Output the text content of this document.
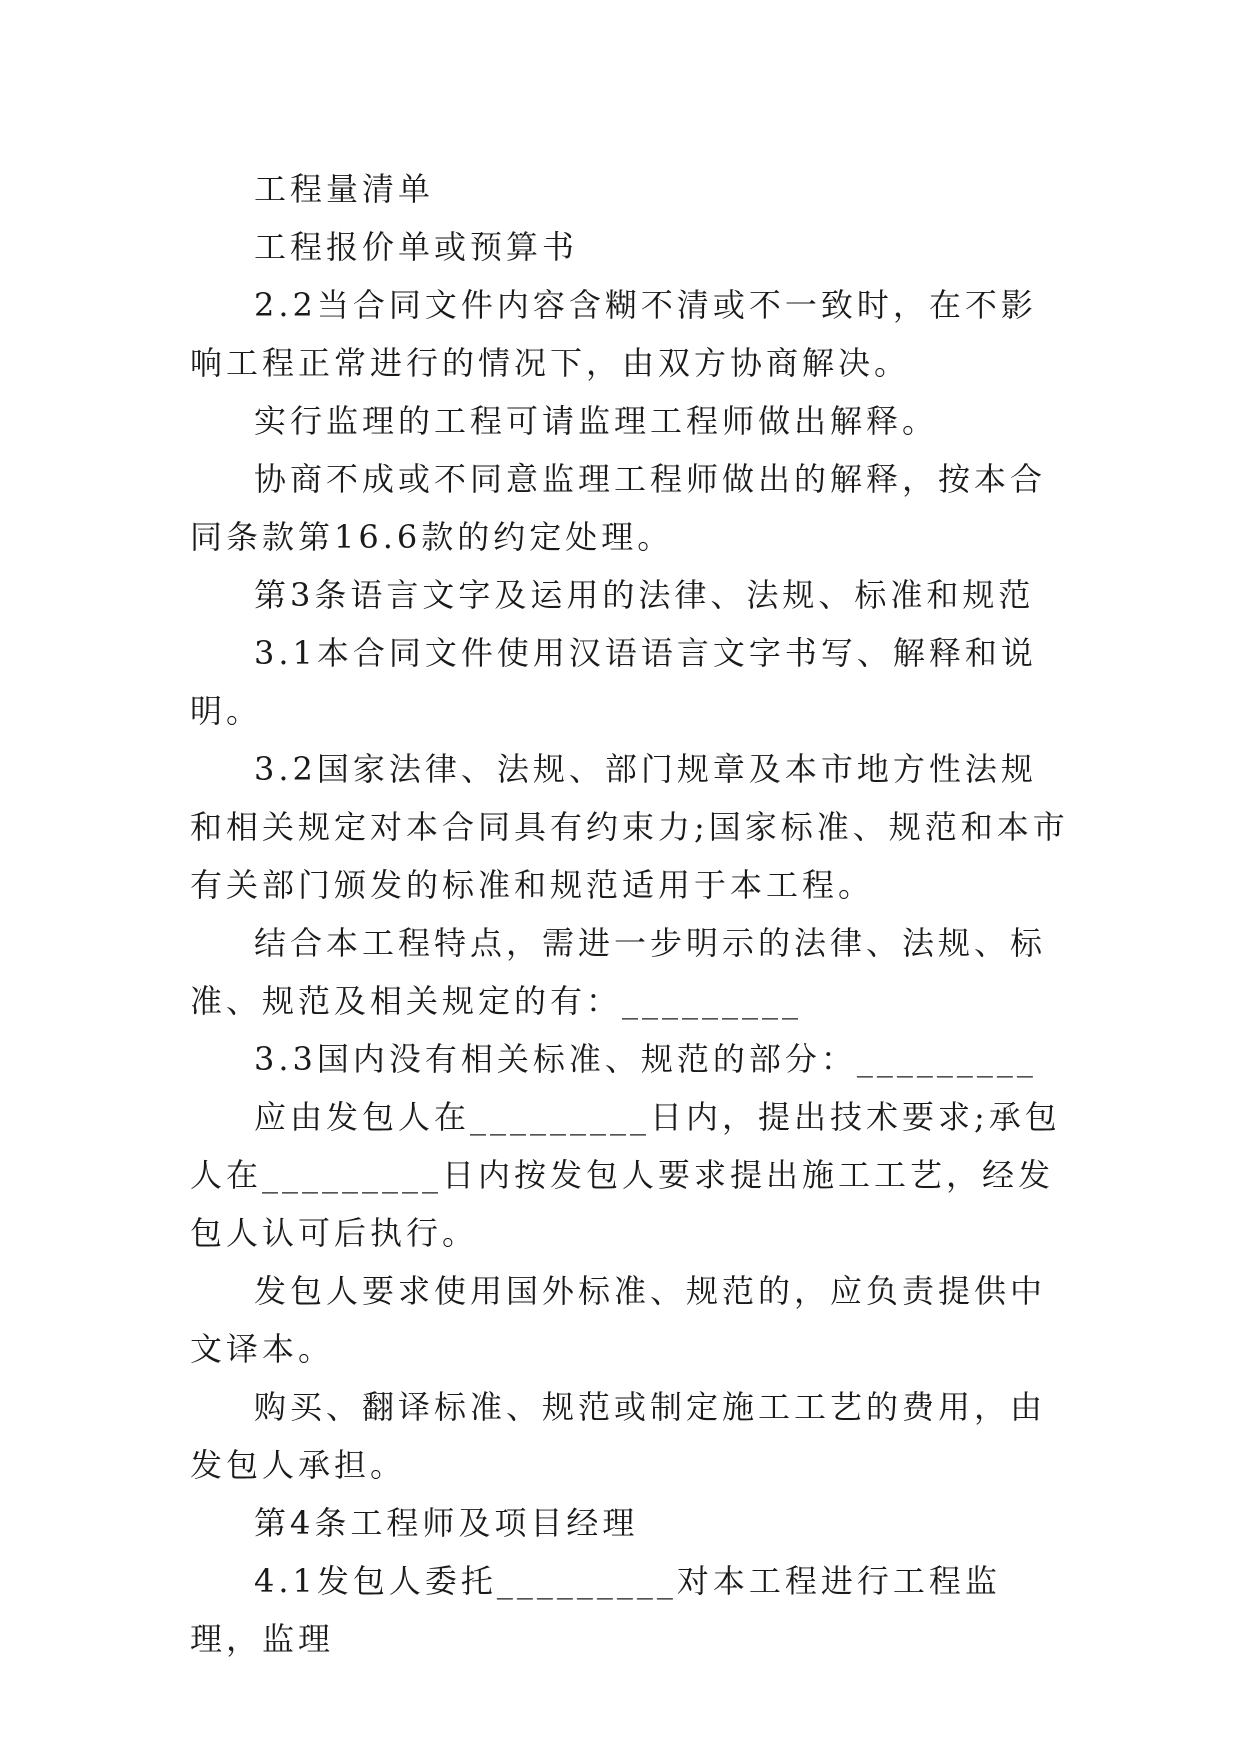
工程量清单

工程报价单或预算书

2.2当合同文件内容含糊不清或不一致时，在不影响工程正常进行的情况下，由双方协商解决。

实行监理的工程可请监理工程师做出解释。

协商不成或不同意监理工程师做出的解释，按本合同条款第16.6款的约定处理。

第3条语言文字及运用的法律、法规、标准和规范

3.1本合同文件使用汉语语言文字书写、解释和说明。

3.2国家法律、法规、部门规章及本市地方性法规和相关规定对本合同具有约束力;国家标准、规范和本市有关部门颁发的标准和规范适用于本工程。

结合本工程特点，需进一步明示的法律、法规、标准、规范及相关规定的有：_________

3.3国内没有相关标准、规范的部分：_________

应由发包人在_________日内，提出技术要求;承包人在_________日内按发包人要求提出施工工艺，经发包人认可后执行。

发包人要求使用国外标准、规范的，应负责提供中文译本。

购买、翻译标准、规范或制定施工工艺的费用，由发包人承担。

第4条工程师及项目经理

4.1发包人委托_________对本工程进行工程监理，监理
